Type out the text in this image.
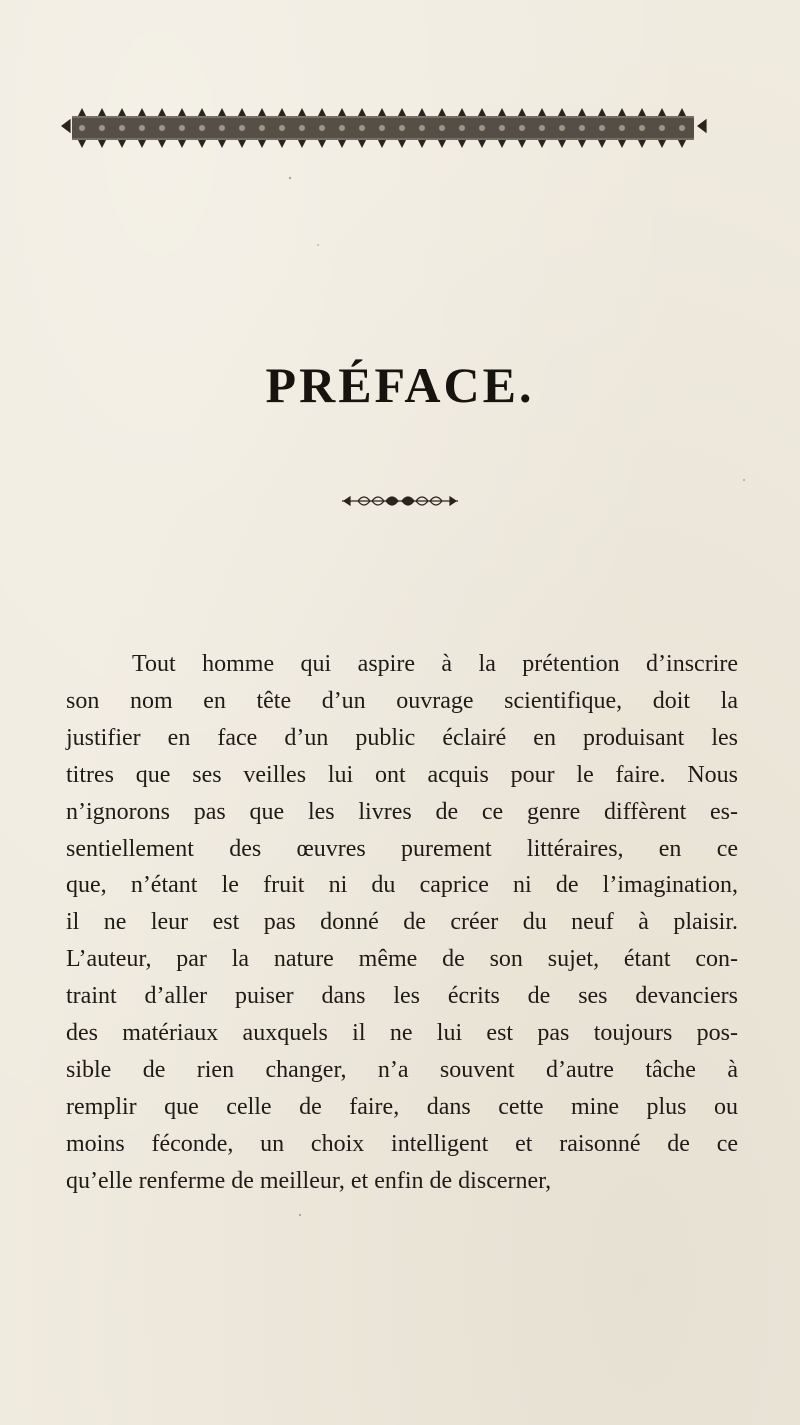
PRÉFACE.
Tout homme qui aspire à la prétention d’inscrire
son nom en tête d’un ouvrage scientifique, doit la
justifier en face d’un public éclairé en produisant les
titres que ses veilles lui ont acquis pour le faire. Nous
n’ignorons pas que les livres de ce genre diffèrent es-
sentiellement des œuvres purement littéraires, en ce
que, n’étant le fruit ni du caprice ni de l’imagination,
il ne leur est pas donné de créer du neuf à plaisir.
L’auteur, par la nature même de son sujet, étant con-
traint d’aller puiser dans les écrits de ses devanciers
des matériaux auxquels il ne lui est pas toujours pos-
sible de rien changer, n’a souvent d’autre tâche à
remplir que celle de faire, dans cette mine plus ou
moins féconde, un choix intelligent et raisonné de ce
qu’elle renferme de meilleur, et enfin de discerner,
